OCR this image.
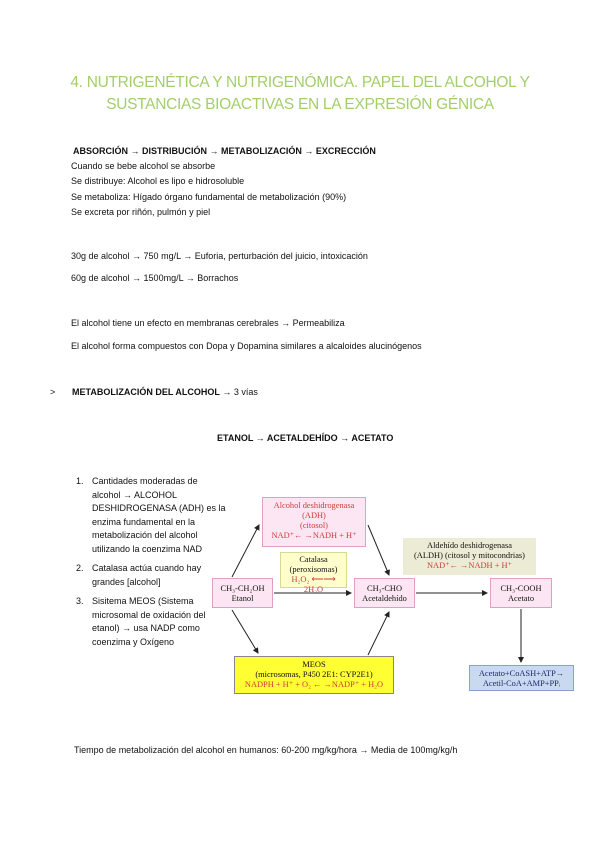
4. NUTRIGENÉTICA Y NUTRIGENÓMICA. PAPEL DEL ALCOHOL Y
SUSTANCIAS BIOACTIVAS EN LA EXPRESIÓN GÉNICA
ABSORCIÓN → DISTRIBUCIÓN → METABOLIZACIÓN → EXCRECCIÓN
Cuando se bebe alcohol se absorbe
Se distribuye: Alcohol es lipo e hidrosoluble
Se metaboliza: Hígado órgano fundamental de metabolización (90%)
Se excreta por riñón, pulmón y piel
30g de alcohol → 750 mg/L → Euforia, perturbación del juicio, intoxicación
60g de alcohol → 1500mg/L → Borrachos
El alcohol tiene un efecto en membranas cerebrales → Permeabiliza
El alcohol forma compuestos con Dopa y Dopamina similares a alcaloides alucinógenos
> METABOLIZACIÓN DEL ALCOHOL → 3 vías
ETANOL → ACETALDEHÍDO → ACETATO
1. Cantidades moderadas de alcohol → ALCOHOL DESHIDROGENASA (ADH) es la enzima fundamental en la metabolización del alcohol utilizando la coenzima NAD
2. Catalasa actúa cuando hay grandes [alcohol]
3. Sisitema MEOS (Sistema microsomal de oxidación del etanol) → usa NADP como coenzima y Oxígeno
Alcohol deshidrogenasa
(ADH)
(citosol)
NAD⁺← →NADH + H⁺
Catalasa
(peroxisomas)
H₂O₂ ⟵⟶ 2H₂O
Aldehído deshidrogenasa
(ALDH) (citosol y mitocondrias)
NAD⁺← →NADH + H⁺
CH₃-CH₂OH
Etanol
CH₃-CHO
Acetaldehído
CH₃-COOH
Acetato
MEOS
(microsomas, P450 2E1: CYP2E1)
NADPH + H⁺ + O₂ ← →NADP⁺ + H₂O
Acetato+CoASH+ATP→
Acetil-CoA+AMP+PPᵢ
Tiempo de metabolización del alcohol en humanos: 60-200 mg/kg/hora → Media de 100mg/kg/h
